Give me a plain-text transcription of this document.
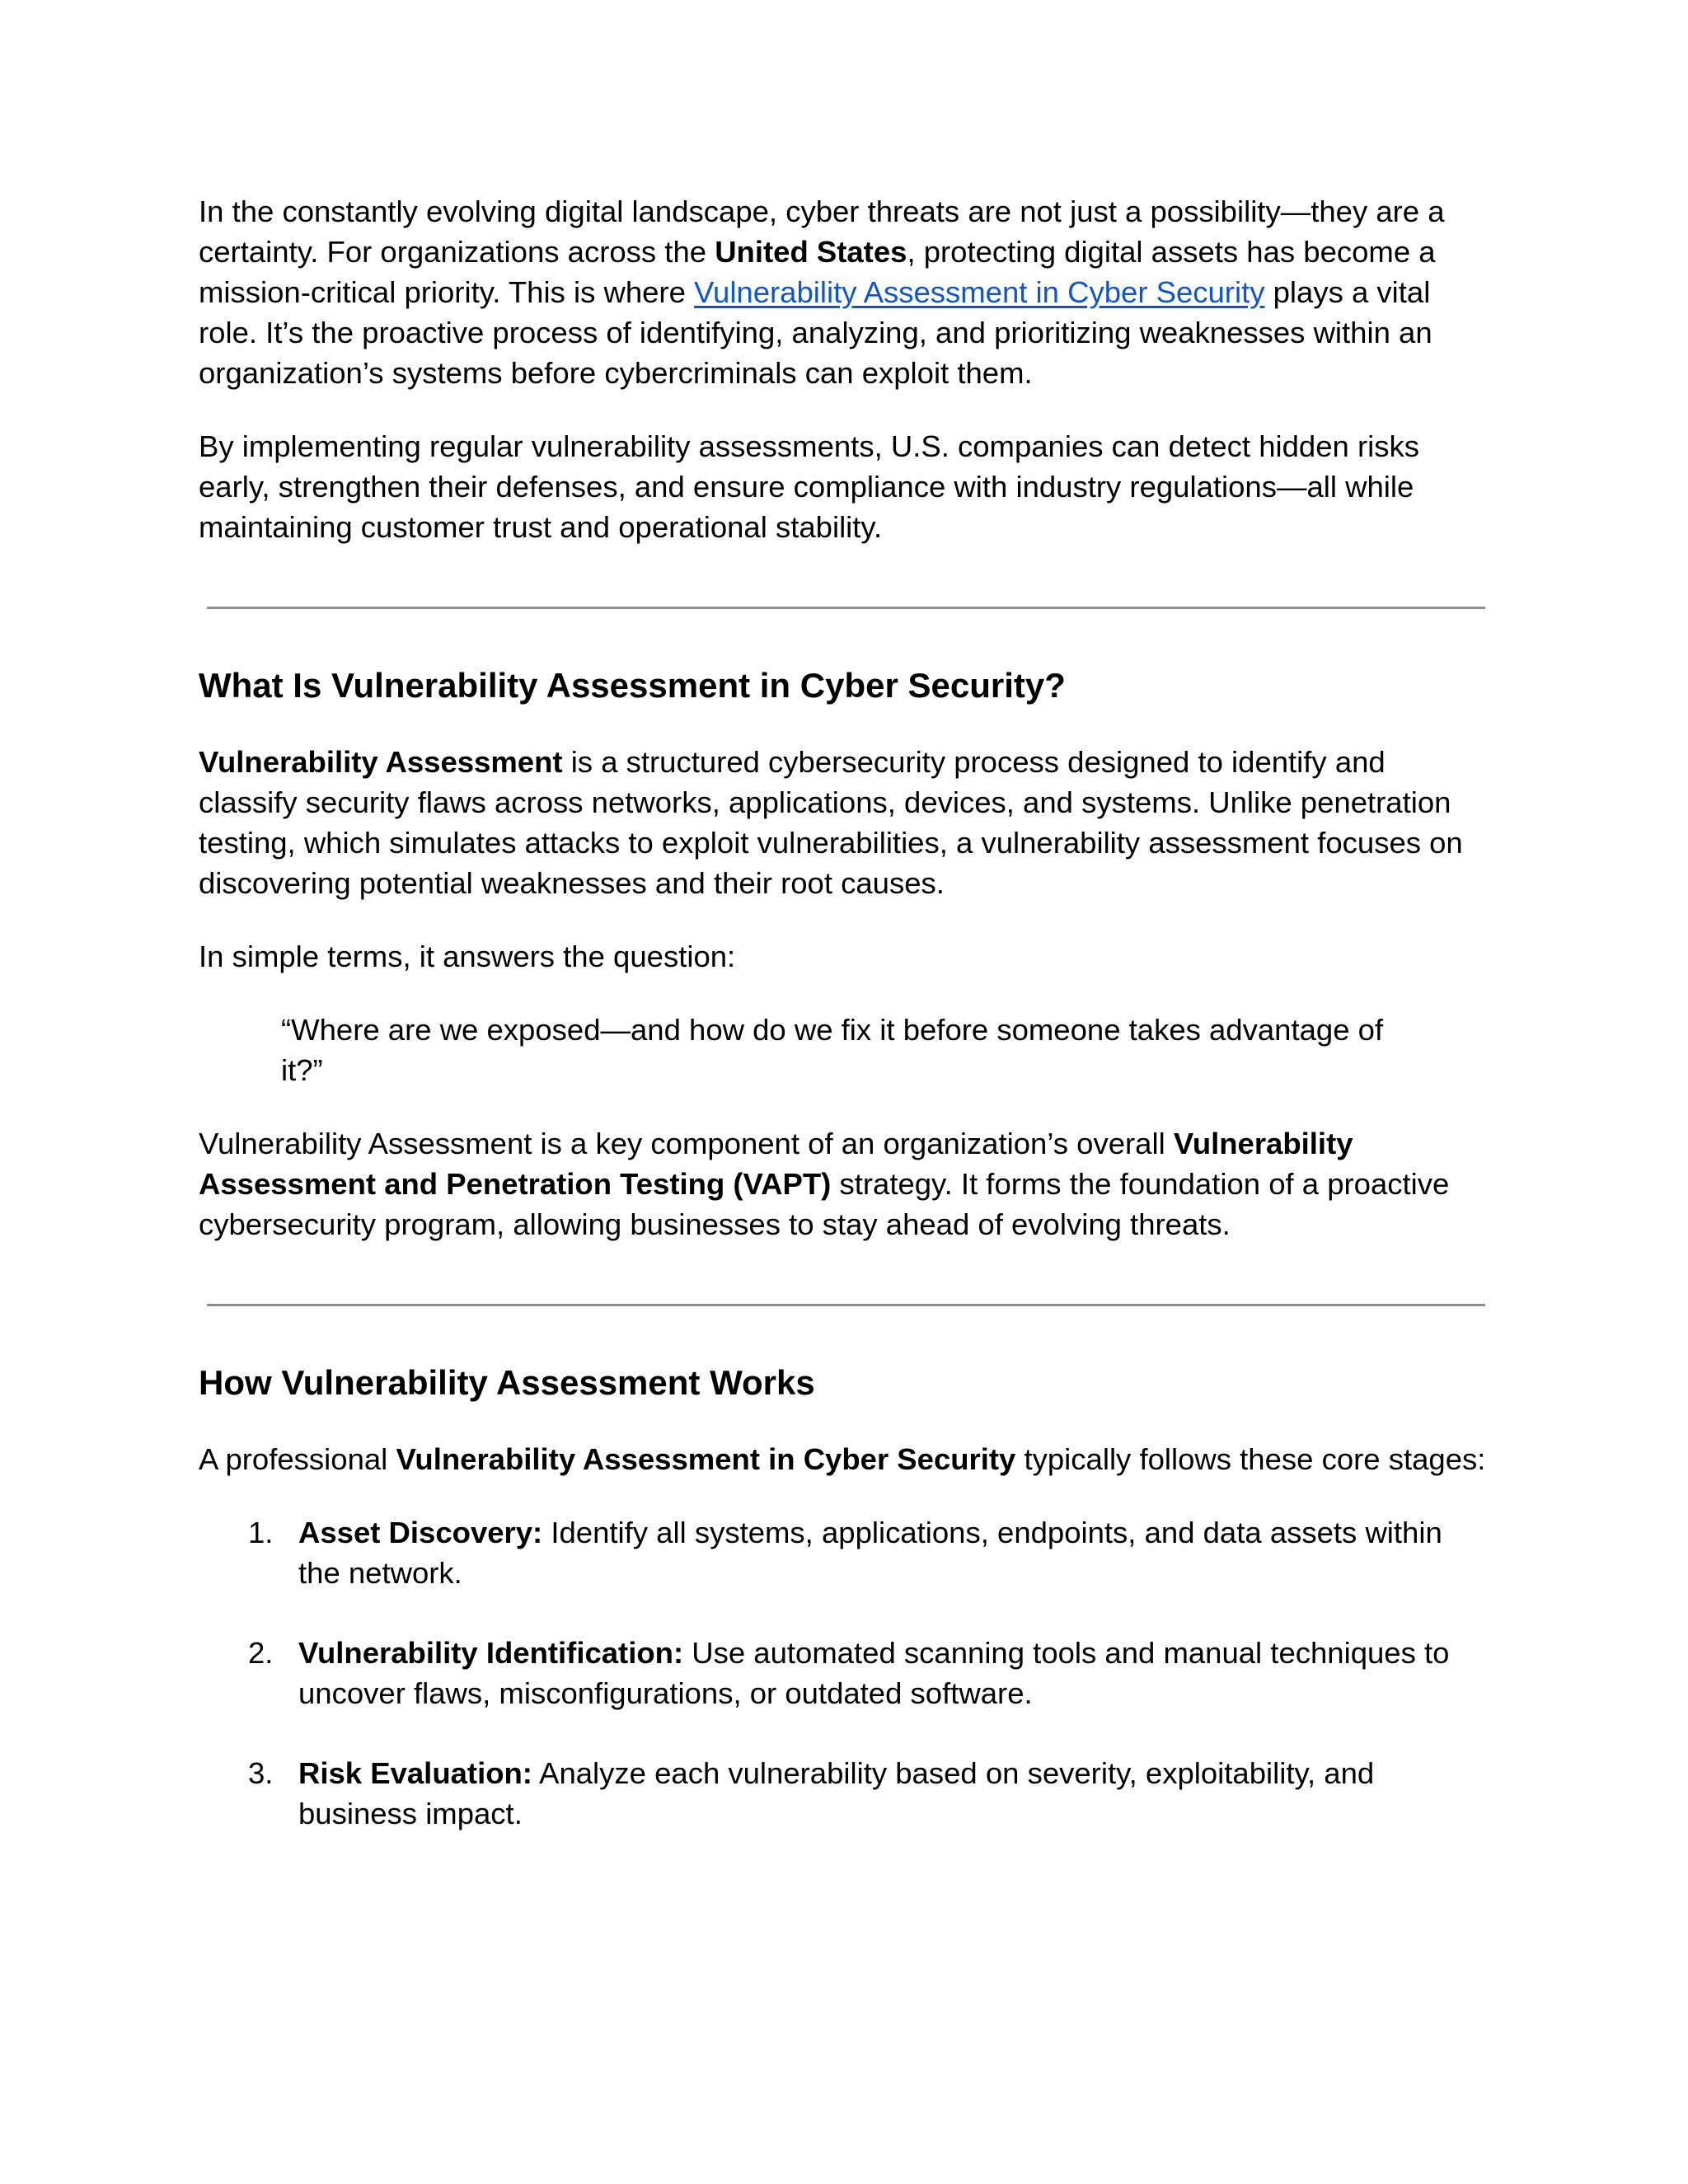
In the constantly evolving digital landscape, cyber threats are not just a possibility—they are a certainty. For organizations across the United States, protecting digital assets has become a mission-critical priority. This is where Vulnerability Assessment in Cyber Security plays a vital role. It’s the proactive process of identifying, analyzing, and prioritizing weaknesses within an organization’s systems before cybercriminals can exploit them.

By implementing regular vulnerability assessments, U.S. companies can detect hidden risks early, strengthen their defenses, and ensure compliance with industry regulations—all while maintaining customer trust and operational stability.

What Is Vulnerability Assessment in Cyber Security?

Vulnerability Assessment is a structured cybersecurity process designed to identify and classify security flaws across networks, applications, devices, and systems. Unlike penetration testing, which simulates attacks to exploit vulnerabilities, a vulnerability assessment focuses on discovering potential weaknesses and their root causes.

In simple terms, it answers the question:

“Where are we exposed—and how do we fix it before someone takes advantage of it?”

Vulnerability Assessment is a key component of an organization’s overall Vulnerability Assessment and Penetration Testing (VAPT) strategy. It forms the foundation of a proactive cybersecurity program, allowing businesses to stay ahead of evolving threats.

How Vulnerability Assessment Works

A professional Vulnerability Assessment in Cyber Security typically follows these core stages:

1. Asset Discovery: Identify all systems, applications, endpoints, and data assets within the network.
2. Vulnerability Identification: Use automated scanning tools and manual techniques to uncover flaws, misconfigurations, or outdated software.
3. Risk Evaluation: Analyze each vulnerability based on severity, exploitability, and business impact.
